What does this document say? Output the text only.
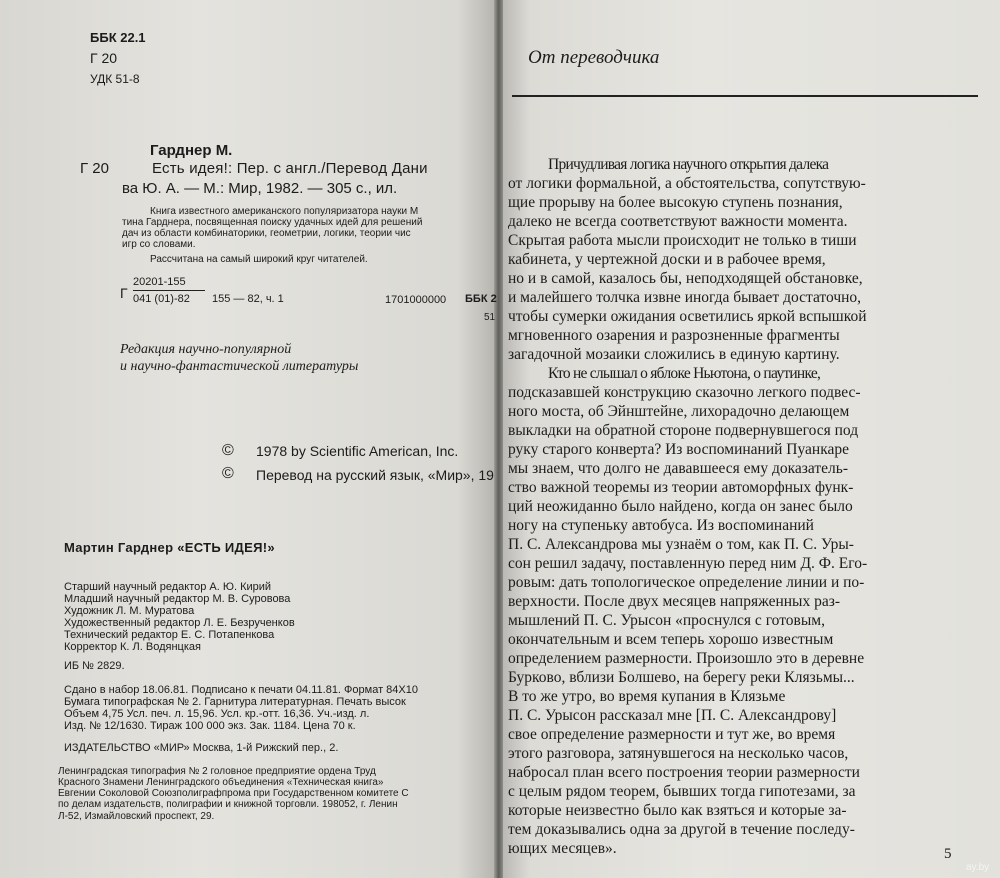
ББК 22.1
Г 20
УДК 51-8
Гарднер М.
Г 20	Есть идея!: Пер. с англ./Перевод Дани
ва Ю. А. — М.: Мир, 1982. — 305 с., ил.
Книга известного американского популяризатора науки М
тина Гарднера, посвященная поиску удачных идей для решений
дач из области комбинаторики, геометрии, логики, теории чис
игр со словами.
Рассчитана на самый широкий круг читателей.
Г
20201-155
041 (01)-82 155 — 82, ч. 1	1701000000 ББК 2
51
Редакция научно-популярной
и научно-фантастической литературы
© 1978 by Scientific American, Inc.
© Перевод на русский язык, «Мир», 19
Мартин Гарднер «ЕСТЬ ИДЕЯ!»
Старший научный редактор А. Ю. Кирий
Младший научный редактор М. В. Суровова
Художник Л. М. Муратова
Художественный редактор Л. Е. Безрученков
Технический редактор Е. С. Потапенкова
Корректор К. Л. Водянцкая
ИБ № 2829.
Сдано в набор 18.06.81. Подписано к печати 04.11.81. Формат 84X10
Бумага типографская № 2. Гарнитура литературная. Печать высок
Объем 4,75 Усл. печ. л. 15,96. Усл. кр.-отт. 16,36. Уч.-изд. л.
Изд. № 12/1630. Тираж 100 000 экз. Зак. 1184. Цена 70 к.
ИЗДАТЕЛЬСТВО «МИР» Москва, 1-й Рижский пер., 2.
Ленинградская типография № 2 головное предприятие ордена Труд
Красного Знамени Ленинградского объединения «Техническая книга»
Евгении Соколовой Союзполиграфпрома при Государственном комитете С
по делам издательств, полиграфии и книжной торговли. 198052, г. Ленин
Л-52, Измайловский проспект, 29.
От переводчика
Причудливая логика научного открытия далека
от логики формальной, а обстоятельства, сопутствую-
щие прорыву на более высокую ступень познания,
далеко не всегда соответствуют важности момента.
Скрытая работа мысли происходит не только в тиши
кабинета, у чертежной доски и в рабочее время,
но и в самой, казалось бы, неподходящей обстановке,
и малейшего толчка извне иногда бывает достаточно,
чтобы сумерки ожидания осветились яркой вспышкой
мгновенного озарения и разрозненные фрагменты
загадочной мозаики сложились в единую картину.
Кто не слышал о яблоке Ньютона, о паутинке,
подсказавшей конструкцию сказочно легкого подвес-
ного моста, об Эйнштейне, лихорадочно делающем
выкладки на обратной стороне подвернувшегося под
руку старого конверта? Из воспоминаний Пуанкаре
мы знаем, что долго не дававшееся ему доказатель-
ство важной теоремы из теории автоморфных функ-
ций неожиданно было найдено, когда он занес было
ногу на ступеньку автобуса. Из воспоминаний
П. С. Александрова мы узнаём о том, как П. С. Уры-
сон решил задачу, поставленную перед ним Д. Ф. Его-
ровым: дать топологическое определение линии и по-
верхности. После двух месяцев напряженных раз-
мышлений П. С. Урысон «проснулся с готовым,
окончательным и всем теперь хорошо известным
определением размерности. Произошло это в деревне
Бурково, вблизи Болшево, на берегу реки Клязьмы...
В то же утро, во время купания в Клязьме
П. С. Урысон рассказал мне [П. С. Александрову]
свое определение размерности и тут же, во время
этого разговора, затянувшегося на несколько часов,
набросал план всего построения теории размерности
с целым рядом теорем, бывших тогда гипотезами, за
которые неизвестно было как взяться и которые за-
тем доказывались одна за другой в течение последу-
ющих месяцев».	5
ay.by
